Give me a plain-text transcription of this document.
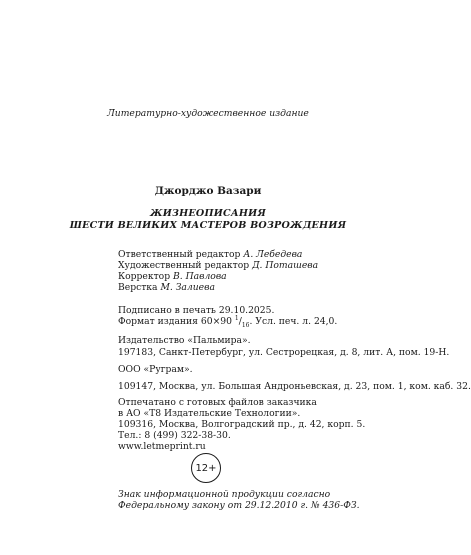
Литературно-художественное издание
Джорджо Вазари
ЖИЗНЕОПИСАНИЯ
ШЕСТИ ВЕЛИКИХ МАСТЕРОВ ВОЗРОЖДЕНИЯ
Ответственный редактор А. Лебедева
Художественный редактор Д. Поташева
Корректор В. Павлова
Верстка М. Залиева
Подписано в печать 29.10.2025.
Формат издания 60×90 $^1/_{16}$. Усл. печ. л. 24,0.
Издательство «Пальмира».
197183, Санкт-Петербург, ул. Сестрорецкая, д. 8, лит. А, пом. 19-Н.
ООО «Руграм».
109147, Москва, ул. Большая Андроньевская, д. 23, пом. 1, ком. каб. 32.
Отпечатано с готовых файлов заказчика
в АО «Т8 Издательские Технологии».
109316, Москва, Волгоградский пр., д. 42, корп. 5.
Тел.: 8 (499) 322-38-30.
www.letmeprint.ru
12+
Знак информационной продукции согласно
Федеральному закону от 29.12.2010 г. № 436-ФЗ.
